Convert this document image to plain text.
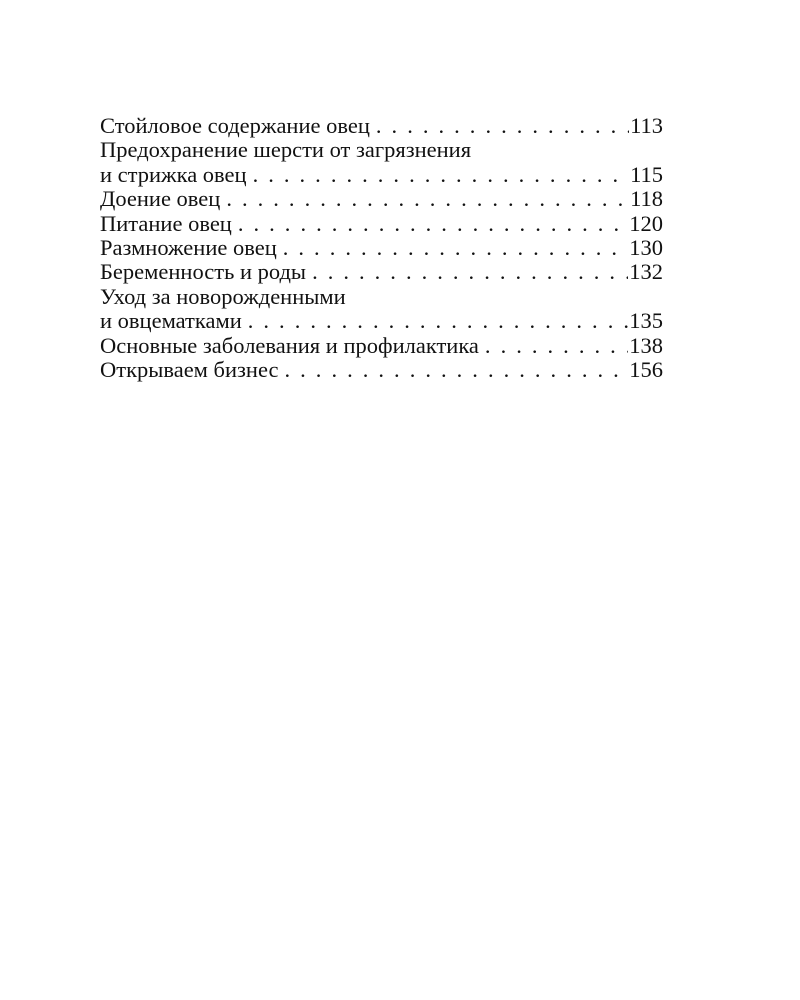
Стойловое содержание овец . . .	113
Предохранение шерсти от загрязнения
и стрижка овец . . .	115
Доение овец . . .	118
Питание овец . . .	120
Размножение овец . . .	130
Беременность и роды . . .	132
Уход за новорожденными
и овцематками . . .	135
Основные заболевания и профилактика . . .	138
Открываем бизнес . . .	156
